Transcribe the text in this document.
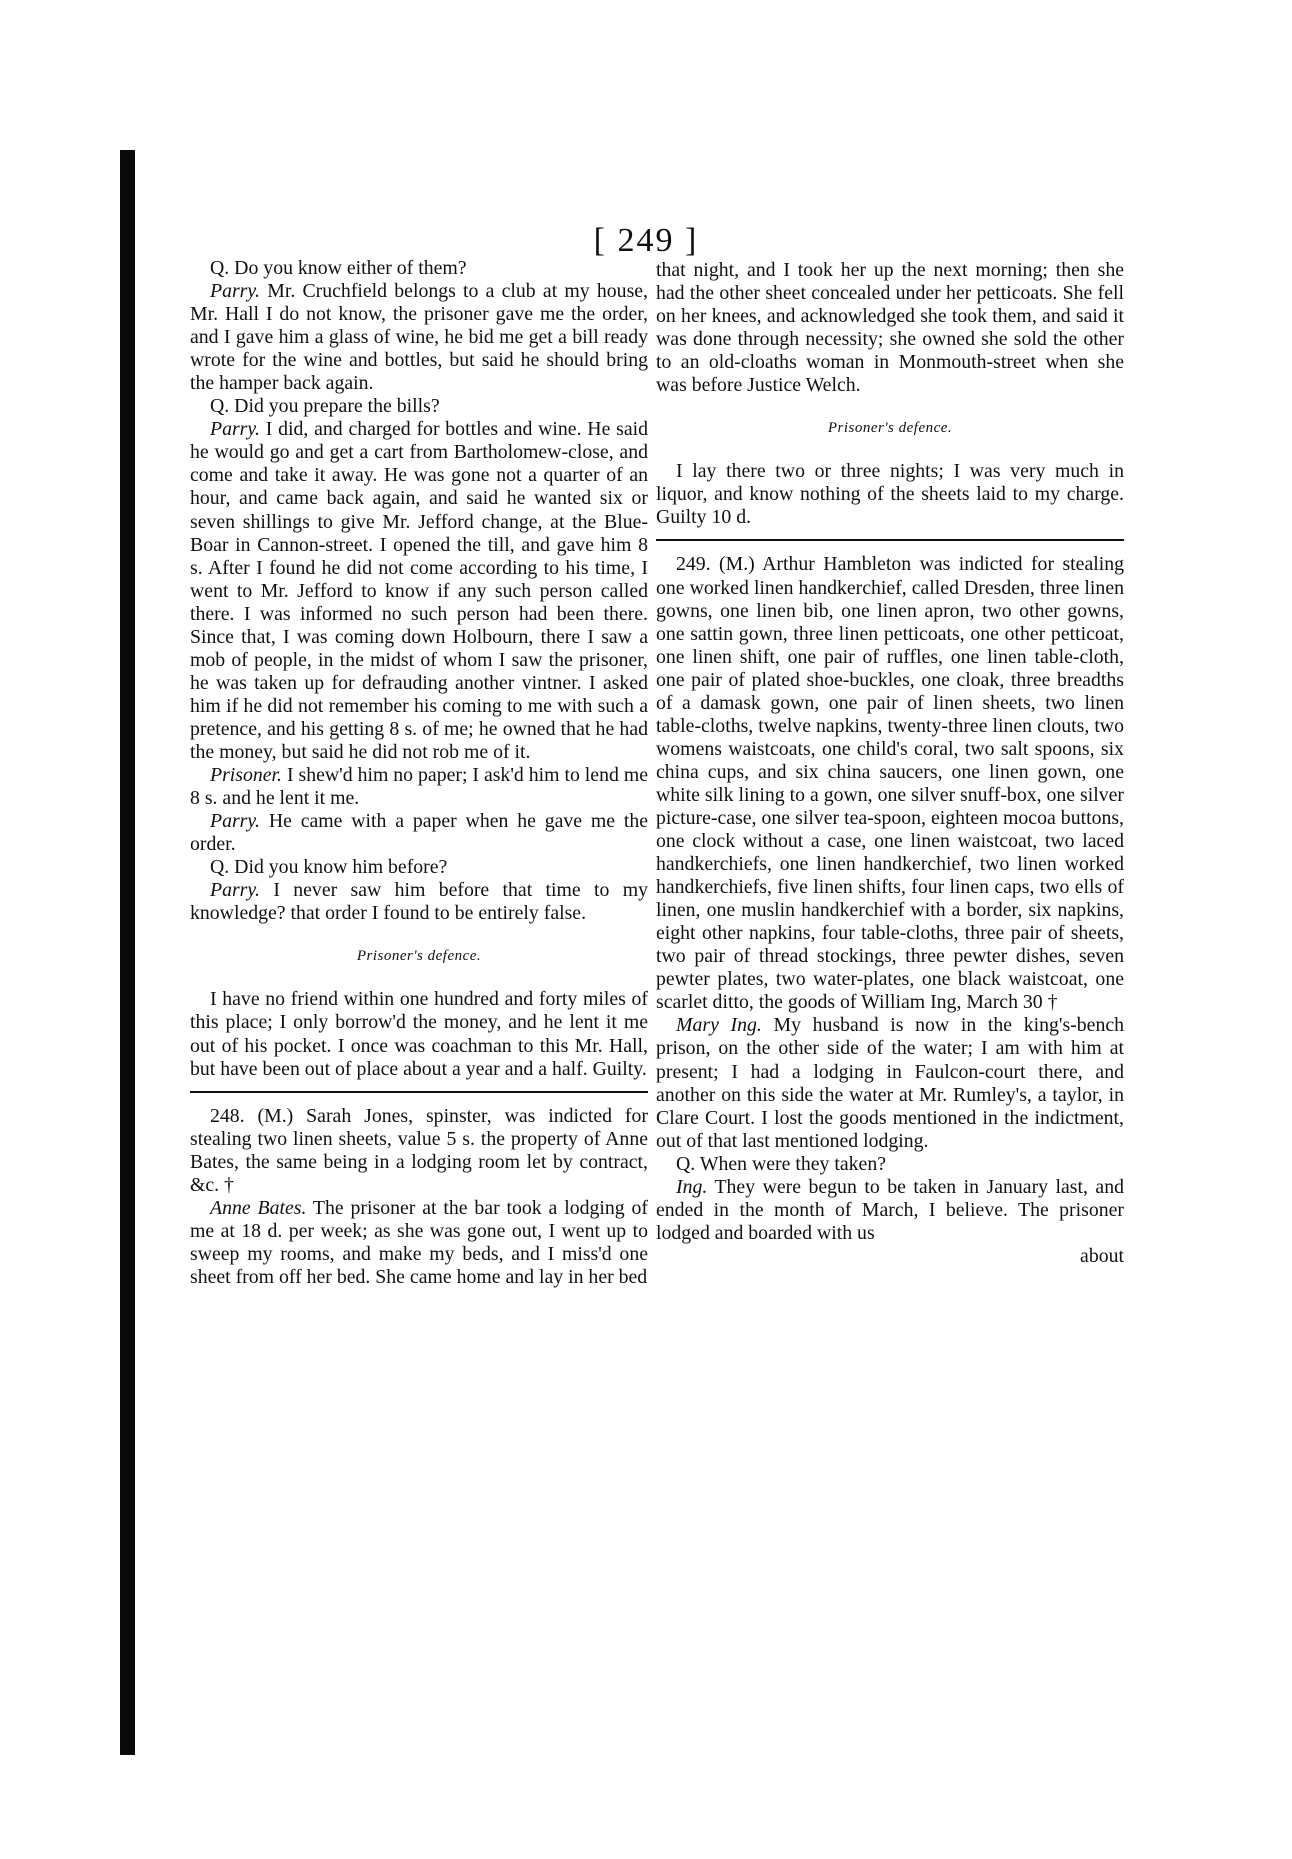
[ 249 ]

Q. Do you know either of them?

Parry. Mr. Cruchfield belongs to a club at my house, Mr. Hall I do not know, the prisoner gave me the order, and I gave him a glass of wine, he bid me get a bill ready wrote for the wine and bottles, but said he should bring the hamper back again.

Q. Did you prepare the bills?

Parry. I did, and charged for bottles and wine. He said he would go and get a cart from Bartholomew-close, and come and take it away. He was gone not a quarter of an hour, and came back again, and said he wanted six or seven shillings to give Mr. Jefford change, at the Blue-Boar in Cannon-street. I opened the till, and gave him 8 s. After I found he did not come according to his time, I went to Mr. Jefford to know if any such person called there. I was informed no such person had been there. Since that, I was coming down Holbourn, there I saw a mob of people, in the midst of whom I saw the prisoner, he was taken up for defrauding another vintner. I asked him if he did not remember his coming to me with such a pretence, and his getting 8 s. of me; he owned that he had the money, but said he did not rob me of it.

Prisoner. I shew'd him no paper; I ask'd him to lend me 8 s. and he lent it me.

Parry. He came with a paper when he gave me the order.

Q. Did you know him before?

Parry. I never saw him before that time to my knowledge? that order I found to be entirely false.

Prisoner's defence.

I have no friend within one hundred and forty miles of this place; I only borrow'd the money, and he lent it me out of his pocket. I once was coachman to this Mr. Hall, but have been out of place about a year and a half. Guilty.

248. (M.) Sarah Jones, spinster, was indicted for stealing two linen sheets, value 5 s. the property of Anne Bates, the same being in a lodging room let by contract, &c. †

Anne Bates. The prisoner at the bar took a lodging of me at 18 d. per week; as she was gone out, I went up to sweep my rooms, and make my beds, and I miss'd one sheet from off her bed. She came home and lay in her bed

that night, and I took her up the next morning; then she had the other sheet concealed under her petticoats. She fell on her knees, and acknowledged she took them, and said it was done through necessity; she owned she sold the other to an old-cloaths woman in Monmouth-street when she was before Justice Welch.

Prisoner's defence.

I lay there two or three nights; I was very much in liquor, and know nothing of the sheets laid to my charge. Guilty 10 d.

249. (M.) Arthur Hambleton was indicted for stealing one worked linen handkerchief, called Dresden, three linen gowns, one linen bib, one linen apron, two other gowns, one sattin gown, three linen petticoats, one other petticoat, one linen shift, one pair of ruffles, one linen table-cloth, one pair of plated shoe-buckles, one cloak, three breadths of a damask gown, one pair of linen sheets, two linen table-cloths, twelve napkins, twenty-three linen clouts, two womens waistcoats, one child's coral, two salt spoons, six china cups, and six china saucers, one linen gown, one white silk lining to a gown, one silver snuff-box, one silver picture-case, one silver tea-spoon, eighteen mocoa buttons, one clock without a case, one linen waistcoat, two laced handkerchiefs, one linen handkerchief, two linen worked handkerchiefs, five linen shifts, four linen caps, two ells of linen, one muslin handkerchief with a border, six napkins, eight other napkins, four table-cloths, three pair of sheets, two pair of thread stockings, three pewter dishes, seven pewter plates, two water-plates, one black waistcoat, one scarlet ditto, the goods of William Ing, March 30 †

Mary Ing. My husband is now in the king's-bench prison, on the other side of the water; I am with him at present; I had a lodging in Faulcon-court there, and another on this side the water at Mr. Rumley's, a taylor, in Clare Court. I lost the goods mentioned in the indictment, out of that last mentioned lodging.

Q. When were they taken?

Ing. They were begun to be taken in January last, and ended in the month of March, I believe. The prisoner lodged and boarded with us

about
